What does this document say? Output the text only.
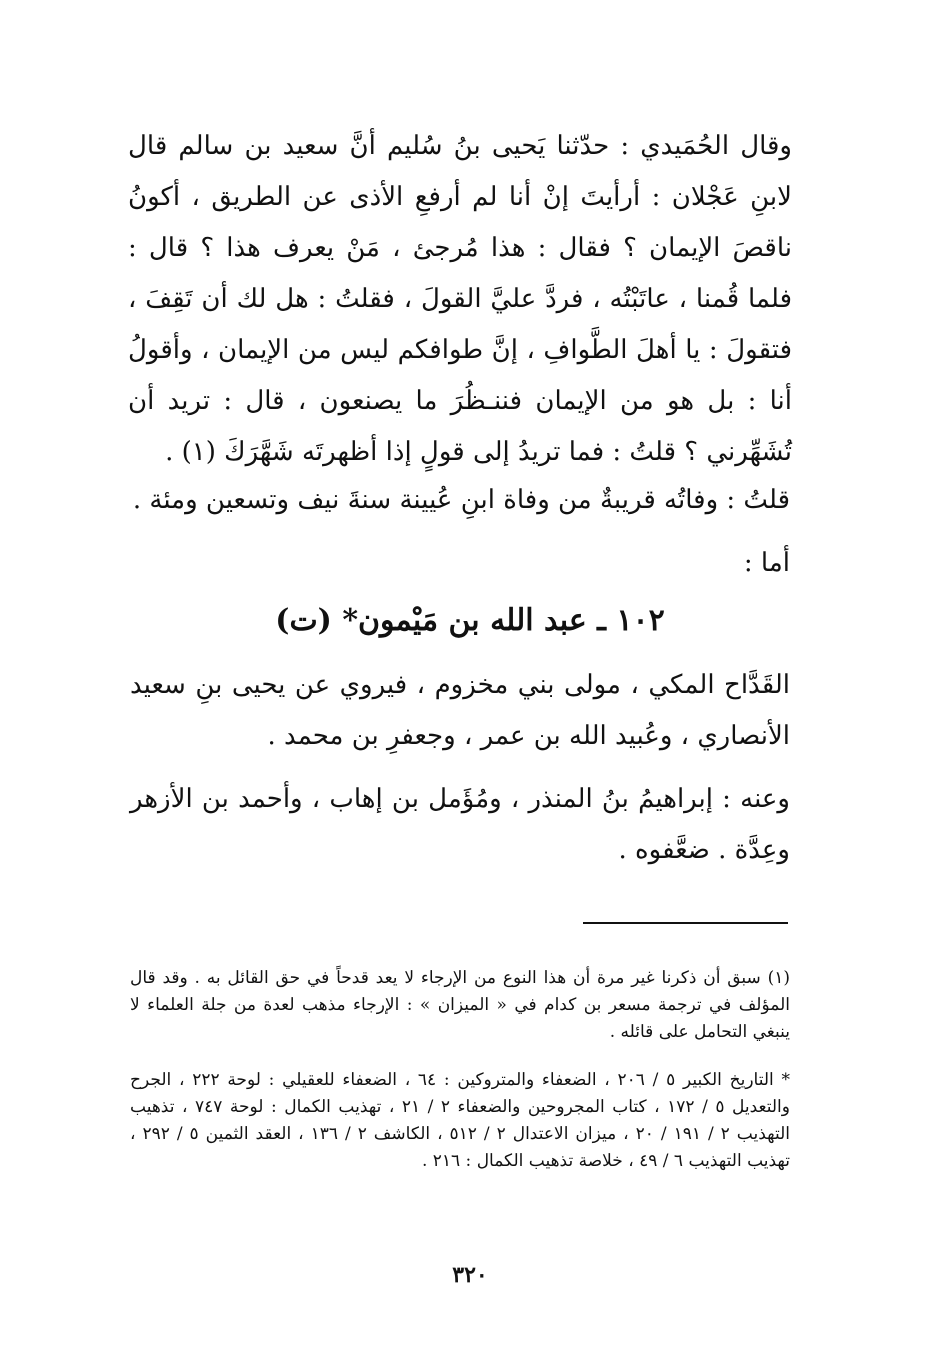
وقال الحُمَيدي : حدّثنا يَحيى بنُ سُليم أنَّ سعيد بن سالم قال لابنِ عَجْلان : أرأيتَ إنْ أنا لم أرفعِ الأذى عن الطريق ، أكونُ ناقصَ الإيمان ؟ فقال : هذا مُرجئ ، مَنْ يعرف هذا ؟ قال : فلما قُمنا ، عاتَبْتُه ، فردَّ عليَّ القولَ ، فقلتُ : هل لك أن تَقِفَ ، فتقولَ : يا أهلَ الطَّوافِ ، إنَّ طوافكم ليس من الإيمان ، وأقولُ أنا : بل هو من الإيمان فننـظُرَ ما يصنعون ، قال : تريد أن تُشَهِّرني ؟ قلتُ : فما تريدُ إلى قولٍ إذا أظهرتَه شَهَّرَكَ (١) .

قلتُ : وفاتُه قريبةٌ من وفاة ابنِ عُيينة سنةَ نيف وتسعين ومئة .

أما :

١٠٢ ـ عبد الله بن مَيْمون* (ت)

القَدَّاح المكي ، مولى بني مخزوم ، فيروي عن يحيى بنِ سعيد الأنصاري ، وعُبيد الله بن عمر ، وجعفرِ بن محمد .

وعنه : إبراهيمُ بنُ المنذر ، ومُؤَمل بن إهاب ، وأحمد بن الأزهر وعِدَّة . ضعَّفوه .

(١) سبق أن ذكرنا غير مرة أن هذا النوع من الإرجاء لا يعد قدحاً في حق القائل به . وقد قال المؤلف في ترجمة مسعر بن كدام في « الميزان » : الإرجاء مذهب لعدة من جلة العلماء لا ينبغي التحامل على قائله .

* التاريخ الكبير ٥ / ٢٠٦ ، الضعفاء والمتروكين : ٦٤ ، الضعفاء للعقيلي : لوحة ٢٢٢ ، الجرح والتعديل ٥ / ١٧٢ ، كتاب المجروحين والضعفاء ٢ / ٢١ ، تهذيب الكمال : لوحة ٧٤٧ ، تذهيب التهذيب ٢ / ١٩١ / ٢٠ ، ميزان الاعتدال ٢ / ٥١٢ ، الكاشف ٢ / ١٣٦ ، العقد الثمين ٥ / ٢٩٢ ، تهذيب التهذيب ٦ / ٤٩ ، خلاصة تذهيب الكمال : ٢١٦ .

٣٢٠
